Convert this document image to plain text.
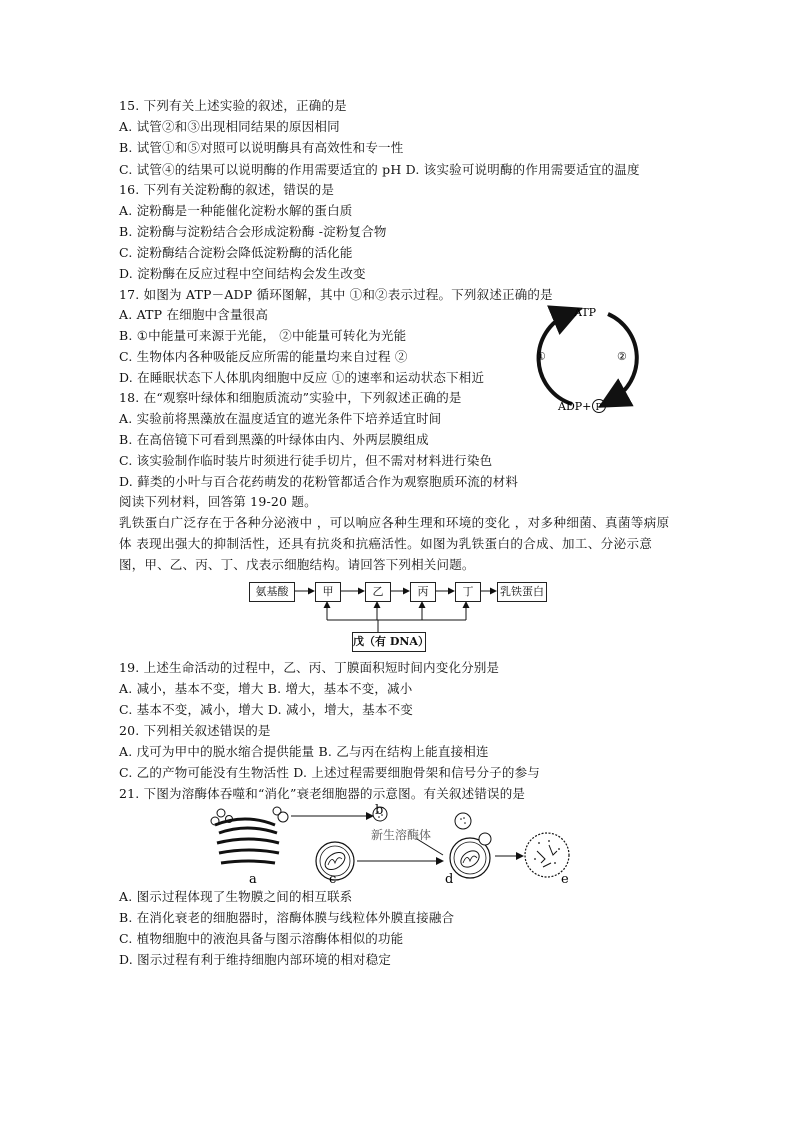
15. 下列有关上述实验的叙述，正确的是
A. 试管②和③出现相同结果的原因相同
B. 试管①和⑤对照可以说明酶具有高效性和专一性
C. 试管④的结果可以说明酶的作用需要适宜的 pH D. 该实验可说明酶的作用需要适宜的温度
16. 下列有关淀粉酶的叙述，错误的是
A. 淀粉酶是一种能催化淀粉水解的蛋白质
B. 淀粉酶与淀粉结合会形成淀粉酶 -淀粉复合物
C. 淀粉酶结合淀粉会降低淀粉酶的活化能
D. 淀粉酶在反应过程中空间结构会发生改变
17. 如图为 ATP－ADP 循环图解，其中 ①和②表示过程。下列叙述正确的是
A. ATP 在细胞中含量很高
B. ①中能量可来源于光能， ②中能量可转化为光能
C. 生物体内各种吸能反应所需的能量均来自过程 ②
D. 在睡眠状态下人体肌肉细胞中反应 ①的速率和运动状态下相近
ATP
ADP+ P
①	②
18. 在“观察叶绿体和细胞质流动”实验中，下列叙述正确的是
A. 实验前将黑藻放在温度适宜的遮光条件下培养适宜时间
B. 在高倍镜下可看到黑藻的叶绿体由内、外两层膜组成
C. 该实验制作临时装片时须进行徒手切片，但不需对材料进行染色
D. 藓类的小叶与百合花药萌发的花粉管都适合作为观察胞质环流的材料
阅读下列材料，回答第 19-20 题。
乳铁蛋白广泛存在于各种分泌液中 ，可以响应各种生理和环境的变化 ，对多种细菌、真菌等病原
体 表现出强大的抑制活性，还具有抗炎和抗癌活性。如图为乳铁蛋白的合成、加工、分泌示意
图，甲、乙、丙、丁、戊表示细胞结构。请回答下列相关问题。
氨基酸	甲	乙	丙	丁	乳铁蛋白
戊（有 DNA）
19. 上述生命活动的过程中，乙、丙、丁膜面积短时间内变化分别是
A. 减小，基本不变，增大 B. 增大，基本不变，减小
C. 基本不变，减小，增大 D. 减小，增大，基本不变
20. 下列相关叙述错误的是
A. 戊可为甲中的脱水缩合提供能量 B. 乙与丙在结构上能直接相连
C. 乙的产物可能没有生物活性 D. 上述过程需要细胞骨架和信号分子的参与
21. 下图为溶酶体吞噬和“消化”衰老细胞器的示意图。有关叙述错误的是
a	c	d	e
新生溶酶体
b
A. 图示过程体现了生物膜之间的相互联系
B. 在消化衰老的细胞器时，溶酶体膜与线粒体外膜直接融合
C. 植物细胞中的液泡具备与图示溶酶体相似的功能
D. 图示过程有利于维持细胞内部环境的相对稳定
